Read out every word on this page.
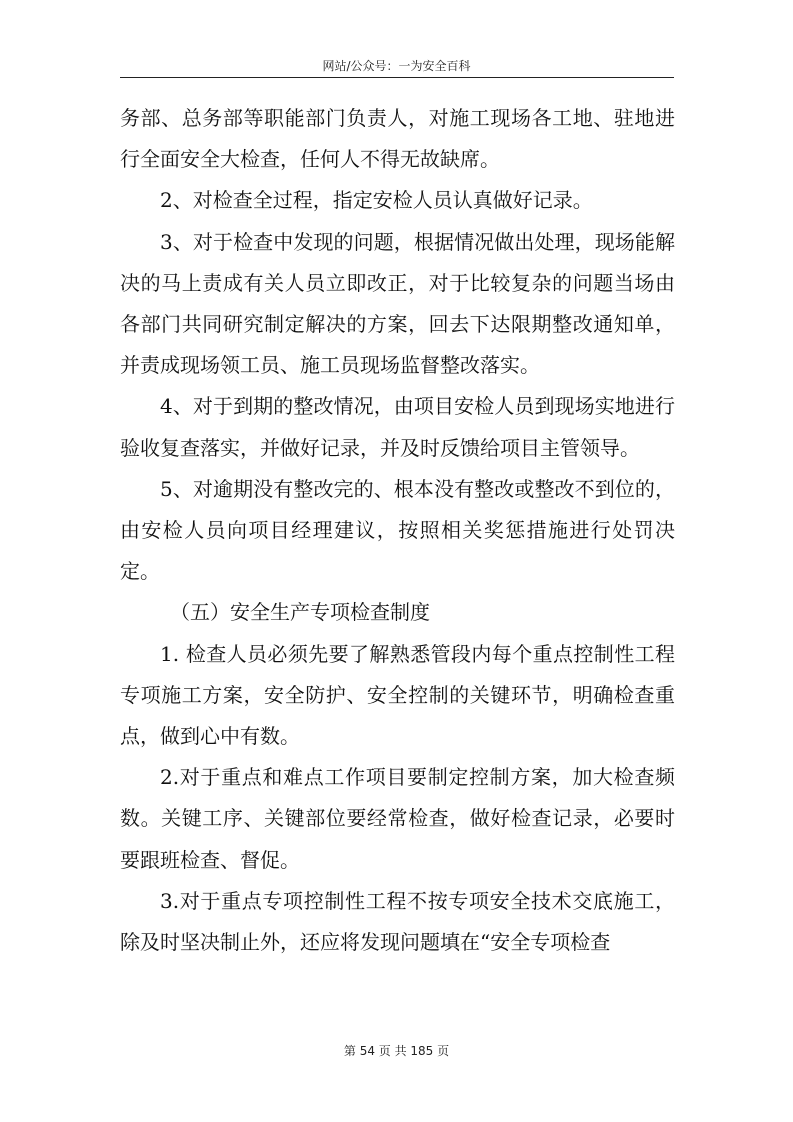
网站/公众号：一为安全百科

务部、总务部等职能部门负责人，对施工现场各工地、驻地进行全面安全大检查，任何人不得无故缺席。

2、对检查全过程，指定安检人员认真做好记录。

3、对于检查中发现的问题，根据情况做出处理，现场能解决的马上责成有关人员立即改正，对于比较复杂的问题当场由各部门共同研究制定解决的方案，回去下达限期整改通知单，并责成现场领工员、施工员现场监督整改落实。

4、对于到期的整改情况，由项目安检人员到现场实地进行验收复查落实，并做好记录，并及时反馈给项目主管领导。

5、对逾期没有整改完的、根本没有整改或整改不到位的，由安检人员向项目经理建议，按照相关奖惩措施进行处罚决定。

（五）安全生产专项检查制度

1. 检查人员必须先要了解熟悉管段内每个重点控制性工程专项施工方案，安全防护、安全控制的关键环节，明确检查重点，做到心中有数。

2.对于重点和难点工作项目要制定控制方案，加大检查频数。关键工序、关键部位要经常检查，做好检查记录，必要时要跟班检查、督促。

3.对于重点专项控制性工程不按专项安全技术交底施工，除及时坚决制止外，还应将发现问题填在“安全专项检查

第 54 页 共 185 页
